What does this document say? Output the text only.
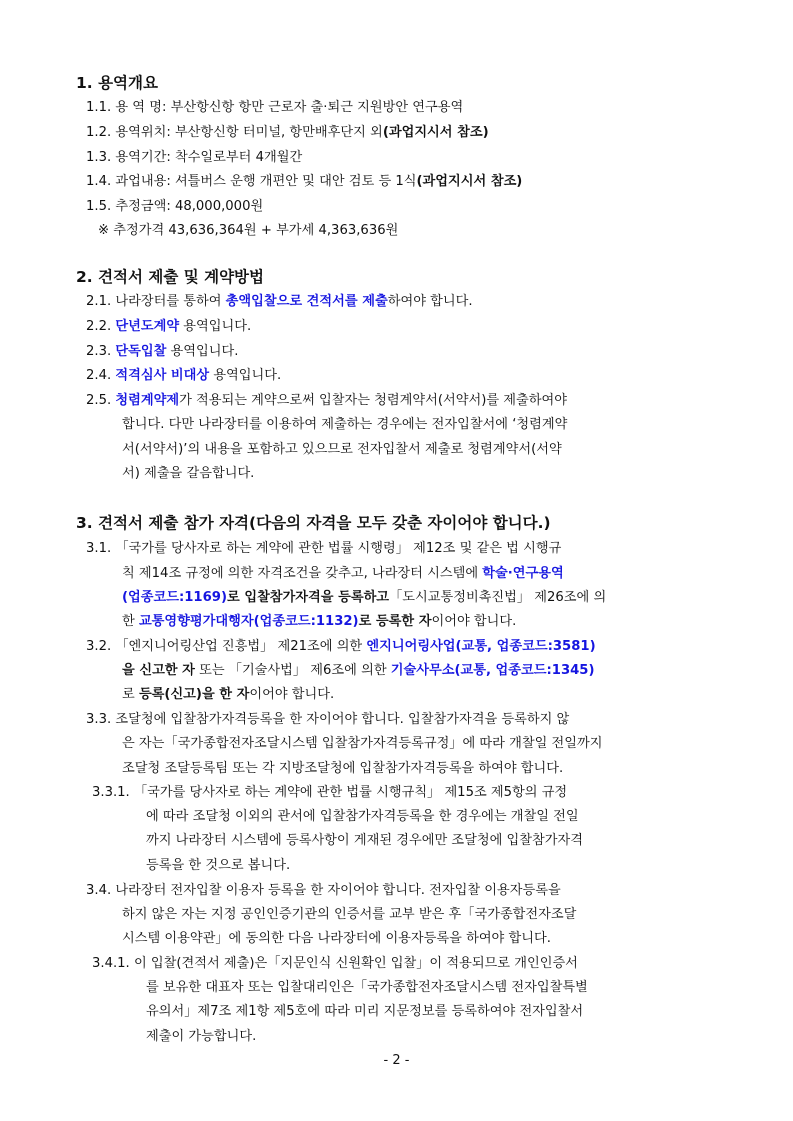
1. 용역개요
1.1. 용 역 명: 부산항신항 항만 근로자 출·퇴근 지원방안 연구용역
1.2. 용역위치: 부산항신항 터미널, 항만배후단지 외(과업지시서 참조)
1.3. 용역기간: 착수일로부터 4개월간
1.4. 과업내용: 셔틀버스 운행 개편안 및 대안 검토 등 1식(과업지시서 참조)
1.5. 추정금액: 48,000,000원
※ 추정가격 43,636,364원 + 부가세 4,363,636원
2. 견적서 제출 및 계약방법
2.1. 나라장터를 통하여 총액입찰으로 견적서를 제출하여야 합니다.
2.2. 단년도계약 용역입니다.
2.3. 단독입찰 용역입니다.
2.4. 적격심사 비대상 용역입니다.
2.5. 청렴계약제가 적용되는 계약으로써 입찰자는 청렴계약서(서약서)를 제출하여야
합니다. 다만 나라장터를 이용하여 제출하는 경우에는 전자입찰서에 ‘청렴계약
서(서약서)’의 내용을 포함하고 있으므로 전자입찰서 제출로 청렴계약서(서약
서) 제출을 갈음합니다.
3. 견적서 제출 참가 자격(다음의 자격을 모두 갖춘 자이어야 합니다.)
3.1. 「국가를 당사자로 하는 계약에 관한 법률 시행령」 제12조 및 같은 법 시행규
칙 제14조 규정에 의한 자격조건을 갖추고, 나라장터 시스템에 학술·연구용역
(업종코드:1169)로 입찰참가자격을 등록하고「도시교통정비촉진법」 제26조에 의
한 교통영향평가대행자(업종코드:1132)로 등록한 자이어야 합니다.
3.2. 「엔지니어링산업 진흥법」 제21조에 의한 엔지니어링사업(교통, 업종코드:3581)
을 신고한 자 또는 「기술사법」 제6조에 의한 기술사무소(교통, 업종코드:1345)
로 등록(신고)을 한 자이어야 합니다.
3.3. 조달청에 입찰참가자격등록을 한 자이어야 합니다. 입찰참가자격을 등록하지 않
은 자는「국가종합전자조달시스템 입찰참가자격등록규정」에 따라 개찰일 전일까지
조달청 조달등록팀 또는 각 지방조달청에 입찰참가자격등록을 하여야 합니다.
3.3.1. 「국가를 당사자로 하는 계약에 관한 법률 시행규칙」 제15조 제5항의 규정
에 따라 조달청 이외의 관서에 입찰참가자격등록을 한 경우에는 개찰일 전일
까지 나라장터 시스템에 등록사항이 게재된 경우에만 조달청에 입찰참가자격
등록을 한 것으로 봅니다.
3.4. 나라장터 전자입찰 이용자 등록을 한 자이어야 합니다. 전자입찰 이용자등록을
하지 않은 자는 지정 공인인증기관의 인증서를 교부 받은 후「국가종합전자조달
시스템 이용약관」에 동의한 다음 나라장터에 이용자등록을 하여야 합니다.
3.4.1. 이 입찰(견적서 제출)은「지문인식 신원확인 입찰」이 적용되므로 개인인증서
를 보유한 대표자 또는 입찰대리인은「국가종합전자조달시스템 전자입찰특별
유의서」제7조 제1항 제5호에 따라 미리 지문정보를 등록하여야 전자입찰서
제출이 가능합니다.
- 2 -
